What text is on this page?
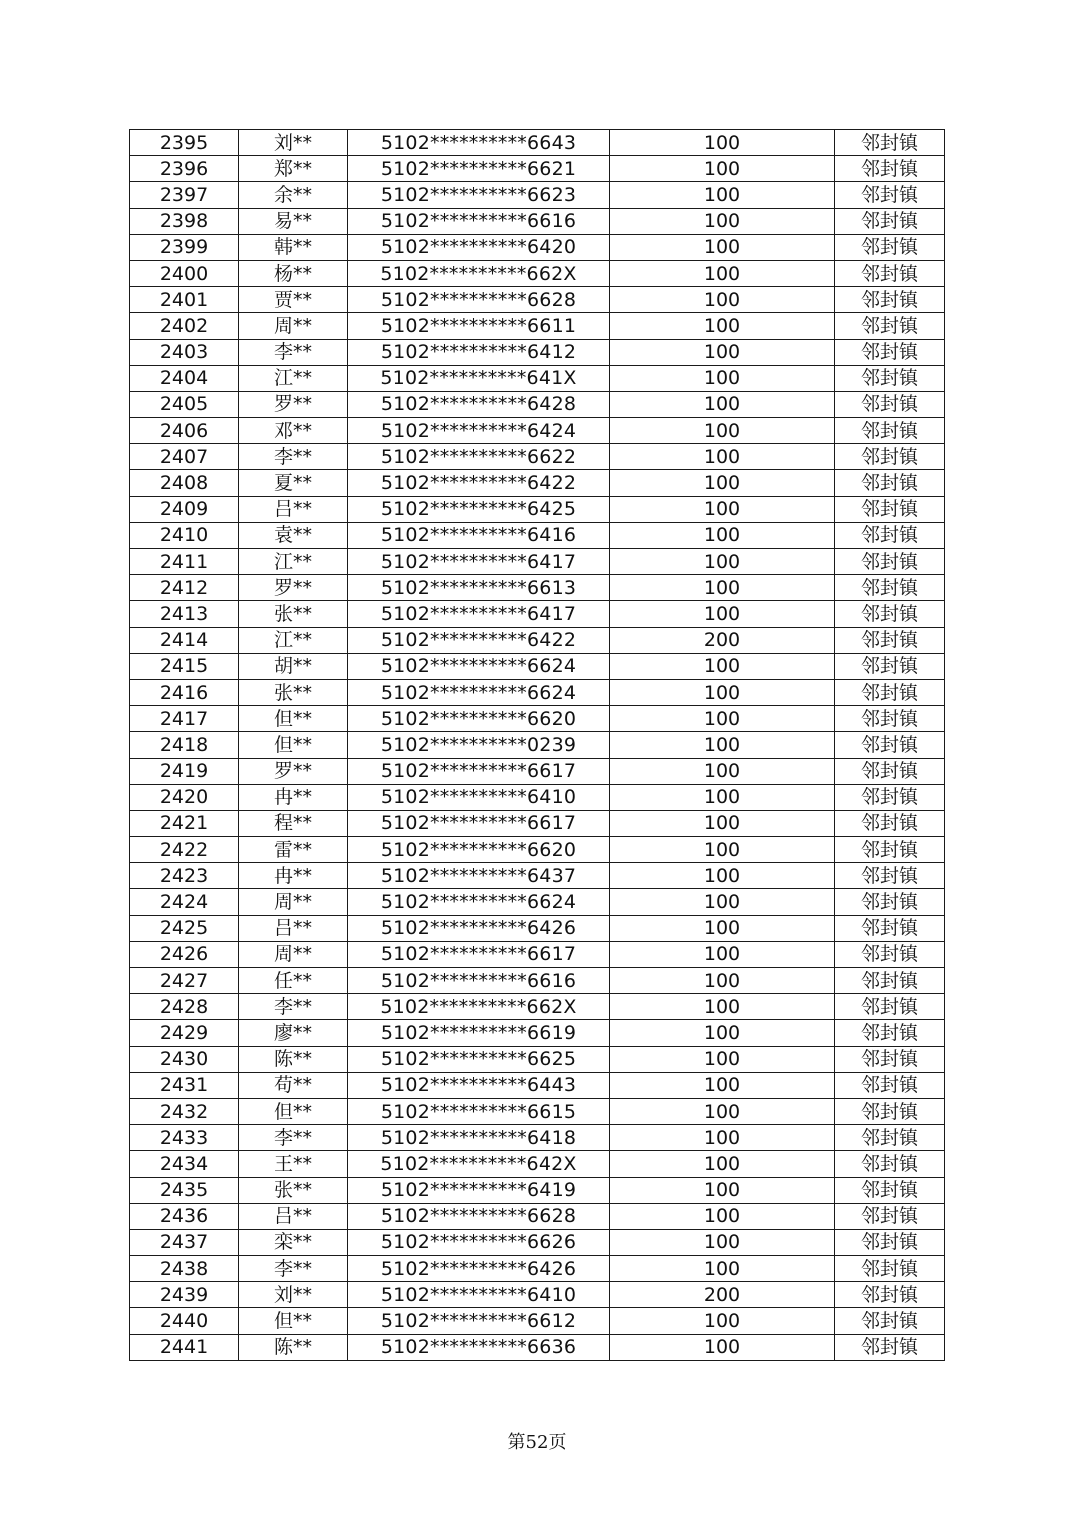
2395	刘**	5102**********6643	100	邻封镇
2396	郑**	5102**********6621	100	邻封镇
2397	余**	5102**********6623	100	邻封镇
2398	易**	5102**********6616	100	邻封镇
2399	韩**	5102**********6420	100	邻封镇
2400	杨**	5102**********662X	100	邻封镇
2401	贾**	5102**********6628	100	邻封镇
2402	周**	5102**********6611	100	邻封镇
2403	李**	5102**********6412	100	邻封镇
2404	江**	5102**********641X	100	邻封镇
2405	罗**	5102**********6428	100	邻封镇
2406	邓**	5102**********6424	100	邻封镇
2407	李**	5102**********6622	100	邻封镇
2408	夏**	5102**********6422	100	邻封镇
2409	吕**	5102**********6425	100	邻封镇
2410	袁**	5102**********6416	100	邻封镇
2411	江**	5102**********6417	100	邻封镇
2412	罗**	5102**********6613	100	邻封镇
2413	张**	5102**********6417	100	邻封镇
2414	江**	5102**********6422	200	邻封镇
2415	胡**	5102**********6624	100	邻封镇
2416	张**	5102**********6624	100	邻封镇
2417	但**	5102**********6620	100	邻封镇
2418	但**	5102**********0239	100	邻封镇
2419	罗**	5102**********6617	100	邻封镇
2420	冉**	5102**********6410	100	邻封镇
2421	程**	5102**********6617	100	邻封镇
2422	雷**	5102**********6620	100	邻封镇
2423	冉**	5102**********6437	100	邻封镇
2424	周**	5102**********6624	100	邻封镇
2425	吕**	5102**********6426	100	邻封镇
2426	周**	5102**********6617	100	邻封镇
2427	任**	5102**********6616	100	邻封镇
2428	李**	5102**********662X	100	邻封镇
2429	廖**	5102**********6619	100	邻封镇
2430	陈**	5102**********6625	100	邻封镇
2431	苟**	5102**********6443	100	邻封镇
2432	但**	5102**********6615	100	邻封镇
2433	李**	5102**********6418	100	邻封镇
2434	王**	5102**********642X	100	邻封镇
2435	张**	5102**********6419	100	邻封镇
2436	吕**	5102**********6628	100	邻封镇
2437	栾**	5102**********6626	100	邻封镇
2438	李**	5102**********6426	100	邻封镇
2439	刘**	5102**********6410	200	邻封镇
2440	但**	5102**********6612	100	邻封镇
2441	陈**	5102**********6636	100	邻封镇
第52页
